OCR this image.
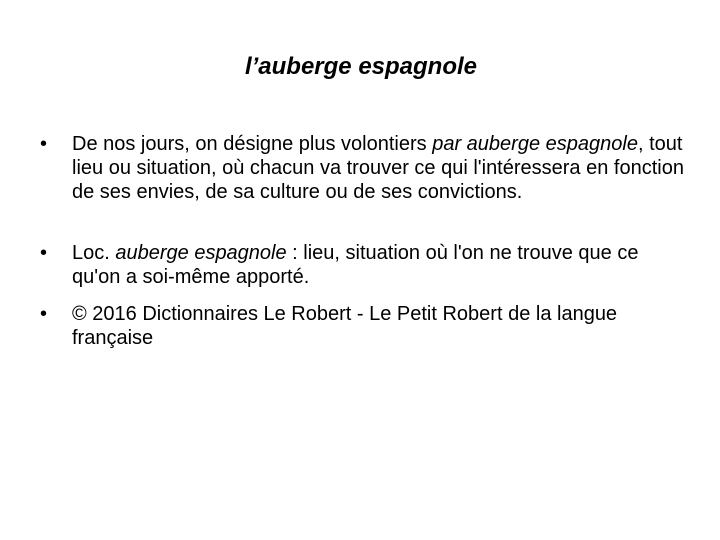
l’auberge espagnole
•	De nos jours, on désigne plus volontiers par auberge espagnole, tout lieu ou situation, où chacun va trouver ce qui l'intéressera en fonction de ses envies, de sa culture ou de ses convictions.
•	Loc. auberge espagnole : lieu, situation où l'on ne trouve que ce qu'on a soi-même apporté.
•	© 2016 Dictionnaires Le Robert - Le Petit Robert de la langue française
